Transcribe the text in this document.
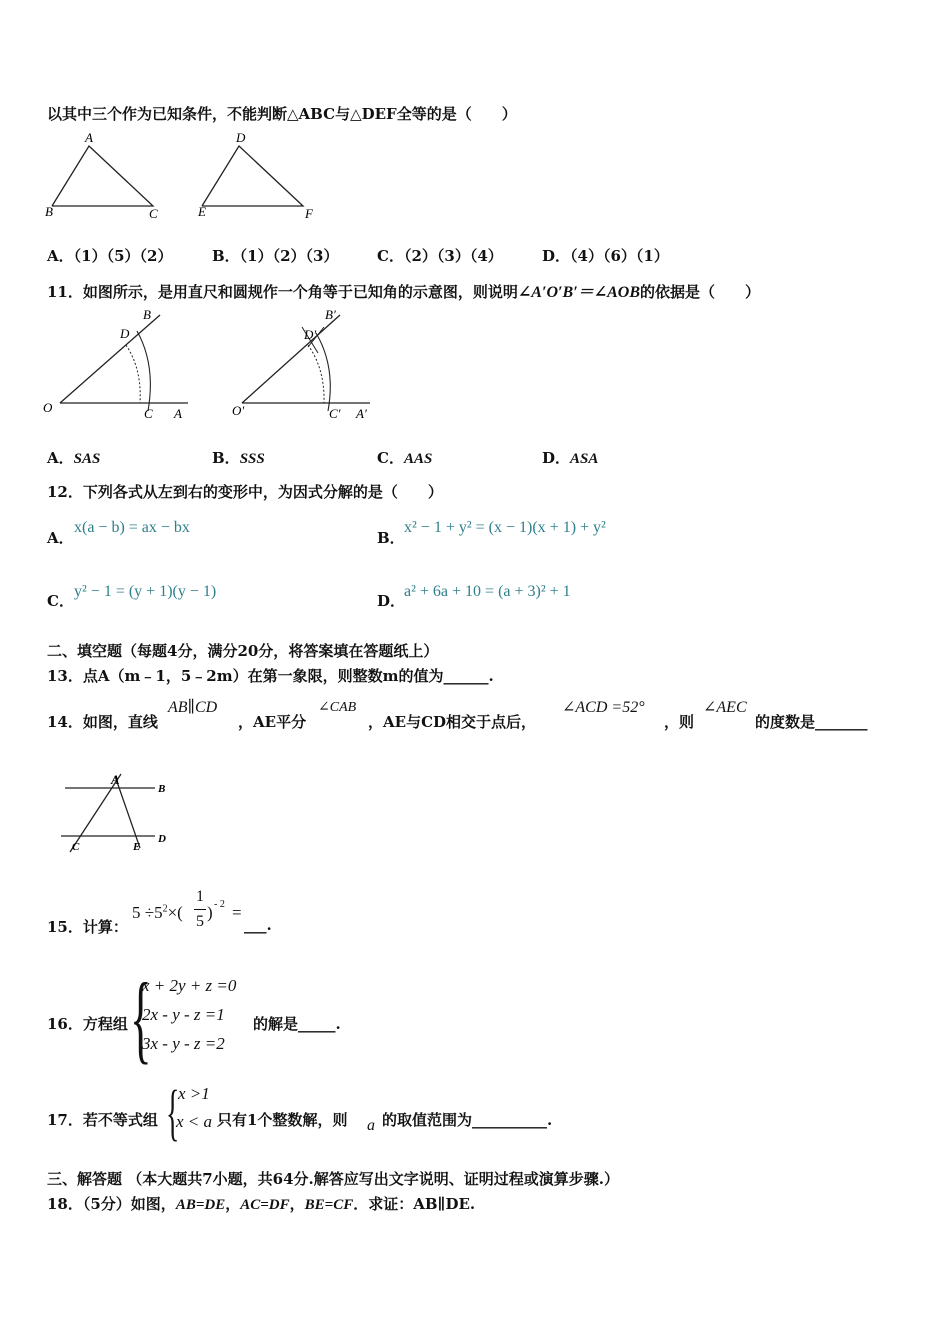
以其中三个作为已知条件，不能判断△ABC与△DEF全等的是（　　）
A
B	C
D
E	F
A．（1）（5）（2）	B．（1）（2）（3）	C．（2）（3）（4）	D．（4）（6）（1）
11．如图所示，是用直尺和圆规作一个角等于已知角的示意图，则说明∠A′O′B′＝∠AOB的依据是（　　）
O	C A
D
B
O′	C′ A′
D′
B′
A．SAS	B．SSS	C．AAS	D．ASA
12．下列各式从左到右的变形中，为因式分解的是（　　）
A．
x(a − b) = ax − bx
B．
x² − 1 + y² = (x − 1)(x + 1) + y²
C．
y² − 1 = (y + 1)(y − 1)
D．
a² + 6a + 10 = (a + 3)² + 1
二、填空题（每题4分，满分20分，将答案填在答题纸上）
13．点A（m﹣1，5﹣2m）在第一象限，则整数m的值为______.
14．如图，直线
AB∥CD
，AE平分
∠CAB
，AE与CD相交于点后，
∠ACD =52°
，则
∠AEC
的度数是_______
A
B
C	E
D
15．计算：
$5 \div 5^2\times$(
1
5 ) - 2 =
___.
16．方程组 {
x + 2y + z =0
2x - y - z =1
3x - y - z =2
的解是_____.
17．若不等式组 {
x >1
x < a 只有1个整数解，则 a 的取值范围为__________.
三、解答题 （本大题共7小题，共64分.解答应写出文字说明、证明过程或演算步骤.）
18．（5分）如图，AB=DE，AC=DF，BE=CF．求证：AB∥DE.
